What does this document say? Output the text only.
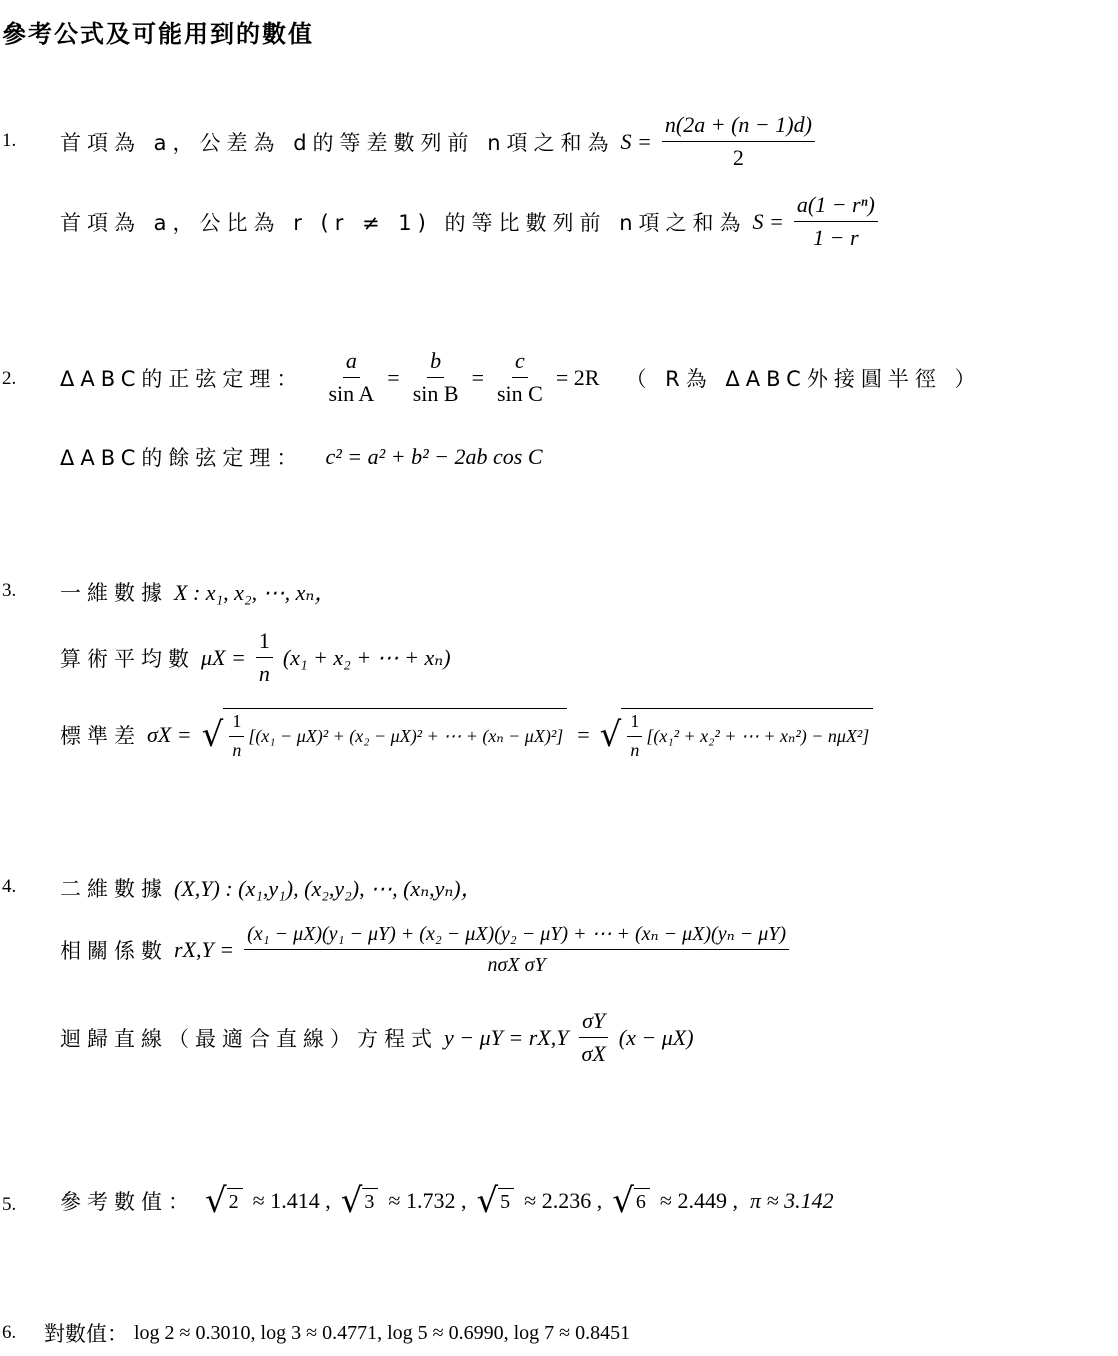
參考公式及可能用到的數值
1. 首項為 a，公差為 d的等差數列前 n項之和為 $S = \frac{n(2a + (n - 1)d)}{2}$
首項為 a，公比為 r (r ≠ 1) 的等比數列前 n項之和為 $S = \frac{\text{a(1 − rⁿ)}}{1 - r}$
2. ΔABC的正弦定理： $\frac{a}{\text{sin A}} = \frac{b}{\text{sin B}} = \frac{c}{\text{sin C}} = 2R$ （ R為 ΔABC外接圓半徑 ）
ΔABC的餘弦定理： c² = a² + b² − 2ab cos C
3. 一維數據 X : x₁, x₂, ⋯, xₙ，
算術平均數 $\mu X = \frac{1}{n} (x_1 + x_2$ + ⋯ + xₙ)
標準差 σX = √ $\frac{1}{n} [(x_1 - \mu X)^2 + (x_2 - \mu X)^2$ + ⋯ + (xₙ − μX)²] = √ $\frac{1}{n} [(x_1^2 + x_2^2$ + ⋯ + xₙ²) − nμX²]
4. 二維數據 (X,Y) : (x₁,y₁), (x₂,y₂), ⋯, (xₙ,yₙ)，
相關係數 rX,Y =
(x₁ − μX)(y₁ − μY) + (x₂ − μX)(y₂ − μY) + ⋯ + (xₙ − μX)(yₙ − μY)
nσX σY
迴歸直線（最適合直線）方程式 $y - \mu Y = rX,Y \frac{\sigma Y}{\sigma X} (x - \mu X)$
5. 參考數值： √ 2 ≈ 1.414 , √ 3 ≈ 1.732 , √ 5 ≈ 2.236 , √ 6 ≈ 2.449 , π ≈ 3.142
6. 對數值： log 2 ≈ 0.3010, log 3 ≈ 0.4771, log 5 ≈ 0.6990, log 7 ≈ 0.8451
